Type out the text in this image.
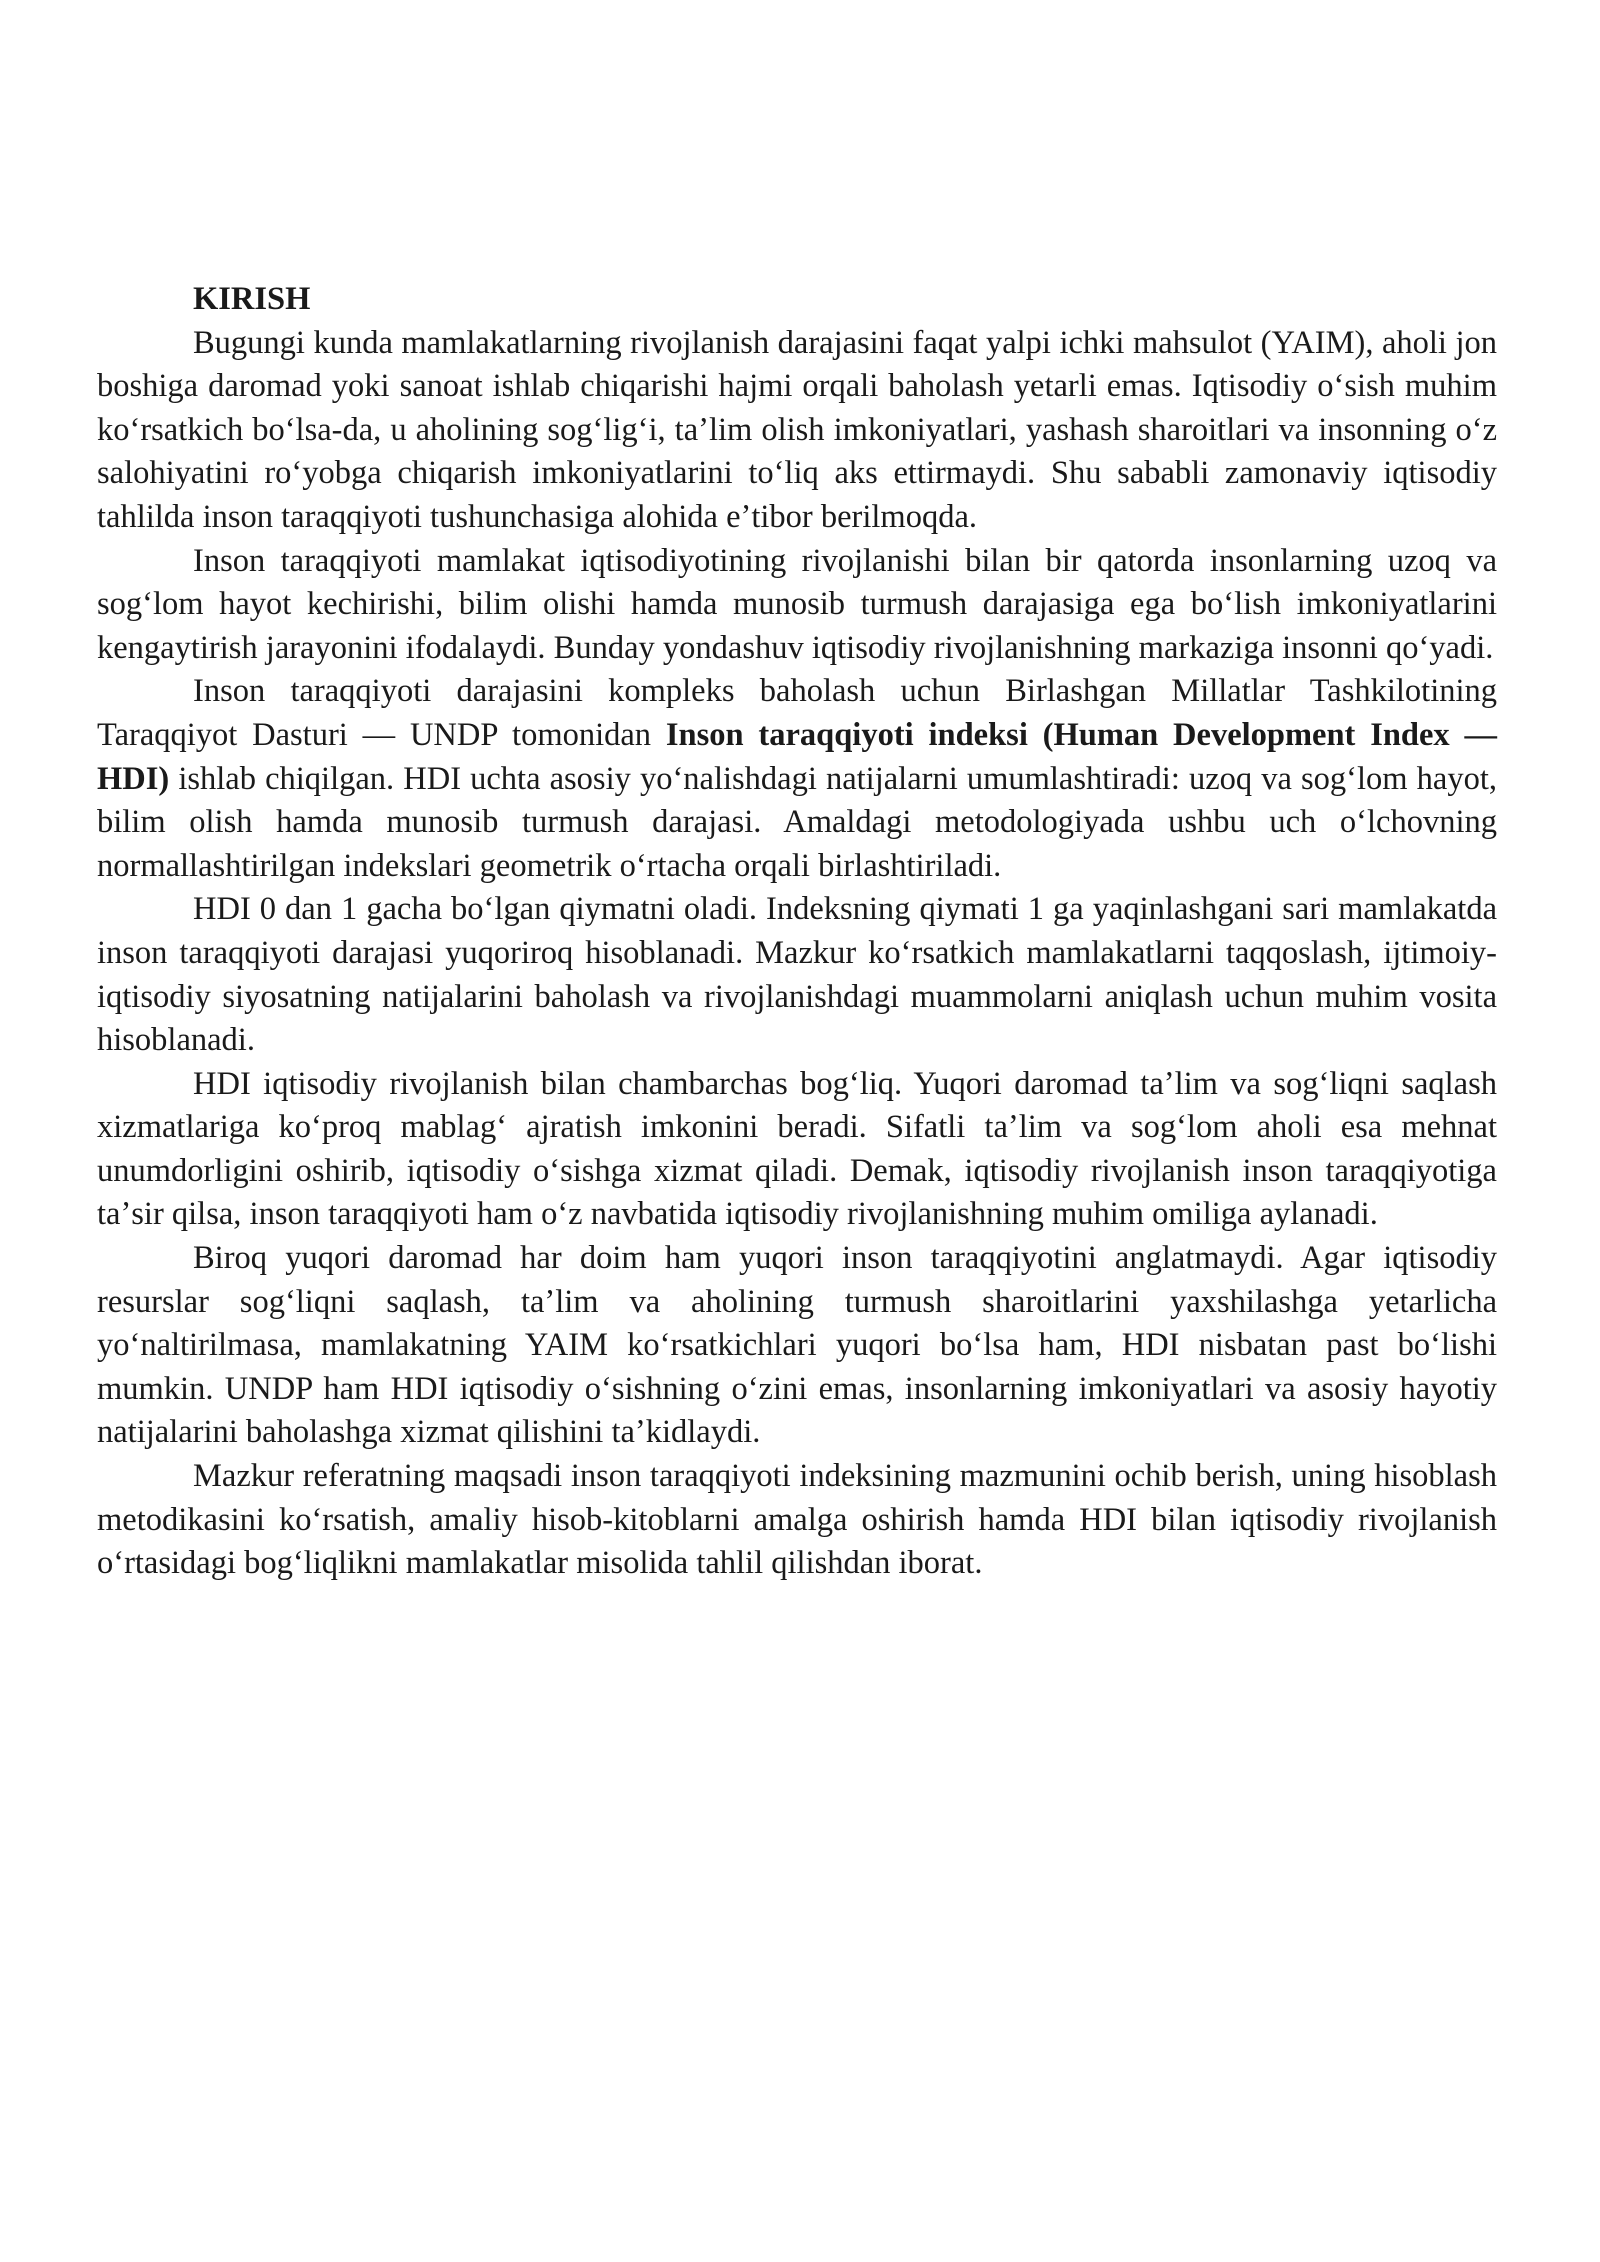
KIRISH

Bugungi kunda mamlakatlarning rivojlanish darajasini faqat yalpi ichki mahsulot (YAIM), aholi jon boshiga daromad yoki sanoat ishlab chiqarishi hajmi orqali baholash yetarli emas. Iqtisodiy oʻsish muhim koʻrsatkich boʻlsa-da, u aholining sogʻligʻi, taʼlim olish imkoniyatlari, yashash sharoitlari va insonning oʻz salohiyatini roʻyobga chiqarish imkoniyatlarini toʻliq aks ettirmaydi. Shu sababli zamonaviy iqtisodiy tahlilda inson taraqqiyoti tushunchasiga alohida eʼtibor berilmoqda.

Inson taraqqiyoti mamlakat iqtisodiyotining rivojlanishi bilan bir qatorda insonlarning uzoq va sogʻlom hayot kechirishi, bilim olishi hamda munosib turmush darajasiga ega boʻlish imkoniyatlarini kengaytirish jarayonini ifodalaydi. Bunday yondashuv iqtisodiy rivojlanishning markaziga insonni qoʻyadi.

Inson taraqqiyoti darajasini kompleks baholash uchun Birlashgan Millatlar Tashkilotining Taraqqiyot Dasturi — UNDP tomonidan Inson taraqqiyoti indeksi (Human Development Index — HDI) ishlab chiqilgan. HDI uchta asosiy yoʻnalishdagi natijalarni umumlashtiradi: uzoq va sogʻlom hayot, bilim olish hamda munosib turmush darajasi. Amaldagi metodologiyada ushbu uch oʻlchovning normallashtirilgan indekslari geometrik oʻrtacha orqali birlashtiriladi.

HDI 0 dan 1 gacha boʻlgan qiymatni oladi. Indeksning qiymati 1 ga yaqinlashgani sari mamlakatda inson taraqqiyoti darajasi yuqoriroq hisoblanadi. Mazkur koʻrsatkich mamlakatlarni taqqoslash, ijtimoiy-iqtisodiy siyosatning natijalarini baholash va rivojlanishdagi muammolarni aniqlash uchun muhim vosita hisoblanadi.

HDI iqtisodiy rivojlanish bilan chambarchas bogʻliq. Yuqori daromad taʼlim va sogʻliqni saqlash xizmatlariga koʻproq mablagʻ ajratish imkonini beradi. Sifatli taʼlim va sogʻlom aholi esa mehnat unumdorligini oshirib, iqtisodiy oʻsishga xizmat qiladi. Demak, iqtisodiy rivojlanish inson taraqqiyotiga taʼsir qilsa, inson taraqqiyoti ham oʻz navbatida iqtisodiy rivojlanishning muhim omiliga aylanadi.

Biroq yuqori daromad har doim ham yuqori inson taraqqiyotini anglatmaydi. Agar iqtisodiy resurslar sogʻliqni saqlash, taʼlim va aholining turmush sharoitlarini yaxshilashga yetarlicha yoʻnaltirilmasa, mamlakatning YAIM koʻrsatkichlari yuqori boʻlsa ham, HDI nisbatan past boʻlishi mumkin. UNDP ham HDI iqtisodiy oʻsishning oʻzini emas, insonlarning imkoniyatlari va asosiy hayotiy natijalarini baholashga xizmat qilishini taʼkidlaydi.

Mazkur referatning maqsadi inson taraqqiyoti indeksining mazmunini ochib berish, uning hisoblash metodikasini koʻrsatish, amaliy hisob-kitoblarni amalga oshirish hamda HDI bilan iqtisodiy rivojlanish oʻrtasidagi bogʻliqlikni mamlakatlar misolida tahlil qilishdan iborat.
